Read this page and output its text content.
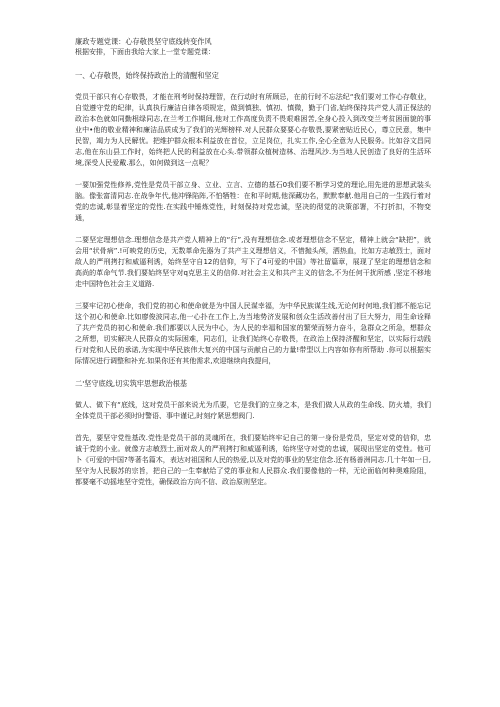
廉政专题党课：心存敬畏坚守底线转变作风

根据安排，下面由我给大家上一堂专题党课：

一、心存敬畏，始终保持政治上的清醒和坚定

党员干部只有心存敬畏，才能在刑考时保持理智，在行动时有所顾忌，在前行时不忘法纪“我们要对工作心存敬业，自觉遵守党的纪律，认真执行廉洁自律各项规定，做到慎独、慎初、慎微，勤于门省,始终保持共产党人清正保法的政治本色就如同勤根绿同志,在兰考工作期间,他对工作高度负责不畏艰难困苦,全身心投入到改变兰考贫困面貌的事业中•他的敬业精神和廉洁品质成为了我们的光辉榜样.对人民群众要要心存敬畏,要紧密贴近民心，尊立民意，集中民智，竭力为人民解忧。把维护群众根本利益放在首位，立足岗位，扎实工作,全心全意为人民服务。比如谷文昌同志,他在东山县工作时，始终把人民的利益放在心头.带领群众植树造林、治理风沙.为当地人民创造了良好的生活环境,深受人民爱戴.那么，如何做到这一点呢？

一要加强党性修养,党性是党员干部立身、立业、立言、立德的基石0我们要不断学习党的理论,用先进的思想武装头脑。像张富清同志.在战争年代,他冲锋陷阵,不怕牺牲：在和平时期,他深藏功名，默默奉献.他用自己的一生践行着对党的忠诚,彰显着坚定的党性.在实践中锤炼党性，时刻保持对党忠诚，坚决的彻觉的决策部署，不打折扣，不物变通，

二要坚定理想信念.理想信念是共产党人精神上的“行”,没有理想信念.或者理想信念不坚定，精神上就会“缺把”，就会用“状骨病”.!可映党的历史，无数革命先器为了共产主义理想信义，不惜抛头颅，洒热血，比如方志敏烈士，面对敌人的严刑拷打和威逼利诱，始终坚守自12的信仰，写下了4可爱的中国》等社留篇章，展现了坚定的理想信念和高尚的革命气节.我们要始终坚守对q克思主义的信仰.对社会主义和共产主义的信念,不为任何干扰所感 ,坚定不移地走中国特色社会主义道路.

三要牢记初心使命，我们党的初心和使命就是为中国人民谋幸福，为中华民族谋生线,无论何时何地,我们都不能忘记这个初心和使命.比如廖俊波同志,他一心扑在工作上,为当地势济发展和创众生活改善付出了巨大努力，用生命诠释了共产党员的初心和使命.我们都要以人民为中心，为人民的幸福和国家的繁荣而努力奋斗，急群众之所急，想群众之所想，切实解决人民群众的实际困难，同志们，让我们始终心存敬畏，在政治上保持济醒和坚定，以实际行动践行对党和人民的承诺,为实现中华民族伟大复兴的中国与贡献自己的力量!带型以上内容如你有所帮助 .你可以根据实际情况进行调整和补充.如果你还有其他需求,欢迎继续向我提问，

二'坚守底线,切实筑牢思想政治根基

做人、做下有“底线，这对党员干部来说尤为爪要，它是我们的立身之本，是我们做人从政的生命线、防火墙，我们全体党员干部必须时时警语、事中谨记,时刻疗紧思想阀门.

首先，要坚守党性基改.党性是党员干部的灵魂所在，我们要始终牢记自己的第一身份是党员，坚定对党的信仰，忠诚于党的小业。就像方志敏烈士,面对敌人的严刑拷打和威逼利诱，始终坚守对党的忠诚，展现出坚定的党性。他可卜《可爱的中国?等著名篇木，表达对祖国和人民的热爱,以及对党的事业的坚定信念.还有杨善洲同志.几十年如一日,坚守为人民服苏的宗旨，把自己的一生奉献给了党的事业和人民群众.我们要像他的一样，无论面临何种奥难险阻，都要毫不动摇地坚守党性，确保政治方向不信、政治原则坚定。
